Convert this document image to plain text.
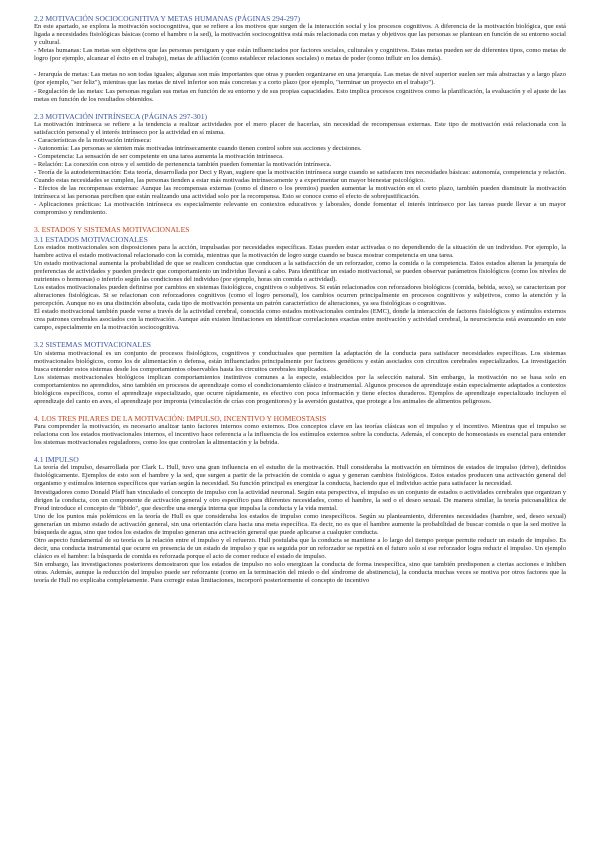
2.2 MOTIVACIÓN SOCIOCOGNITIVA Y METAS HUMANAS (PÁGINAS 294-297)

En este apartado, se explora la motivación sociocognitiva, que se refiere a los motivos que surgen de la interacción social y los procesos cognitivos. A diferencia de la motivación biológica, que está ligada a necesidades fisiológicas básicas (como el hambre o la sed), la motivación sociocognitiva está más relacionada con metas y objetivos que las personas se plantean en función de su entorno social y cultural.

- Metas humanas: Las metas son objetivos que las personas persiguen y que están influenciados por factores sociales, culturales y cognitivos. Estas metas pueden ser de diferentes tipos, como metas de logro (por ejemplo, alcanzar el éxito en el trabajo), metas de afiliación (como establecer relaciones sociales) o metas de poder (como influir en los demás).

- Jerarquía de metas: Las metas no son todas iguales; algunas son más importantes que otras y pueden organizarse en una jerarquía. Las metas de nivel superior suelen ser más abstractas y a largo plazo (por ejemplo, "ser feliz"), mientras que las metas de nivel inferior son más concretas y a corto plazo (por ejemplo, "terminar un proyecto en el trabajo").

- Regulación de las metas: Las personas regulan sus metas en función de su entorno y de sus propias capacidades. Esto implica procesos cognitivos como la planificación, la evaluación y el ajuste de las metas en función de los resultados obtenidos.

2.3 MOTIVACIÓN INTRÍNSECA (PÁGINAS 297-301)

La motivación intrínseca se refiere a la tendencia a realizar actividades por el mero placer de hacerlas, sin necesidad de recompensas externas. Este tipo de motivación está relacionada con la satisfacción personal y el interés intrínseco por la actividad en sí misma.

- Características de la motivación intrínseca:

- Autonomía: Las personas se sienten más motivadas intrínsecamente cuando tienen control sobre sus acciones y decisiones.

- Competencia: La sensación de ser competente en una tarea aumenta la motivación intrínseca.

- Relación: La conexión con otros y el sentido de pertenencia también pueden fomentar la motivación intrínseca.

- Teoría de la autodeterminación: Esta teoría, desarrollada por Deci y Ryan, sugiere que la motivación intrínseca surge cuando se satisfacen tres necesidades básicas: autonomía, competencia y relación. Cuando estas necesidades se cumplen, las personas tienden a estar más motivadas intrínsecamente y a experimentar un mayor bienestar psicológico.

- Efectos de las recompensas externas: Aunque las recompensas externas (como el dinero o los premios) pueden aumentar la motivación en el corto plazo, también pueden disminuir la motivación intrínseca si las personas perciben que están realizando una actividad solo por la recompensa. Esto se conoce como el efecto de sobrejustificación.

- Aplicaciones prácticas: La motivación intrínseca es especialmente relevante en contextos educativos y laborales, donde fomentar el interés intrínseco por las tareas puede llevar a un mayor compromiso y rendimiento.

3. ESTADOS Y SISTEMAS MOTIVACIONALES
3.1 ESTADOS MOTIVACIONALES

Los estados motivacionales son disposiciones para la acción, impulsadas por necesidades específicas. Estas pueden estar activadas o no dependiendo de la situación de un individuo. Por ejemplo, la hambre activa el estado motivacional relacionado con la comida, mientras que la motivación de logro surge cuando se busca mostrar competencia en una tarea.

Un estado motivacional aumenta la probabilidad de que se realicen conductas que conducen a la satisfacción de un reforzador, como la comida o la competencia. Estos estados alteran la jerarquía de preferencias de actividades y pueden predecir que comportamiento un individuo llevará a cabo. Para identificar un estado motivacional, se pueden observar parámetros fisiológicos (como los niveles de nutrientes o hormonas) o inferirlo según las condiciones del individuo (por ejemplo, horas sin comida o actividad).

Los estados motivacionales pueden definirse por cambios en sistemas fisiológicos, cognitivos o subjetivos. Si están relacionados con reforzadores biológicos (comida, bebida, sexo), se caracterizan por alteraciones fisiológicas. Si se relacionan con reforzadores cognitivos (como el logro personal), los cambios ocurren principalmente en procesos cognitivos y subjetivos, como la atención y la percepción. Aunque no es una distinción absoluta, cada tipo de motivación presenta un patrón característico de alteraciones, ya sea fisiológicas o cognitivas.

El estado motivacional también puede verse a través de la actividad cerebral, conocida como estados motivacionales centrales (EMC), donde la interacción de factores fisiológicos y estímulos externos crea patrones cerebrales asociados con la motivación. Aunque aún existen limitaciones en identificar correlaciones exactas entre motivación y actividad cerebral, la neurociencia está avanzando en este campo, especialmente en la motivación sociocognitiva.

3.2 SISTEMAS MOTIVACIONALES

Un sistema motivacional es un conjunto de procesos fisiológicos, cognitivos y conductuales que permiten la adaptación de la conducta para satisfacer necesidades específicas. Los sistemas motivacionales biológicos, como los de alimentación o defensa, están influenciados principalmente por factores genéticos y están asociados con circuitos cerebrales especializados. La investigación busca entender estos sistemas desde los comportamientos observables hasta los circuitos cerebrales implicados.

Los sistemas motivacionales biológicos implican comportamientos instintivos comunes a la especie, establecidos por la selección natural. Sin embargo, la motivación no se basa solo en comportamientos no aprendidos, sino también en procesos de aprendizaje como el condicionamiento clásico e instrumental. Algunos procesos de aprendizaje están especialmente adaptados a contextos biológicos específicos, como el aprendizaje especializado, que ocurre rápidamente, es efectivo con poca información y tiene efectos duraderos. Ejemplos de aprendizaje especializado incluyen el aprendizaje del canto en aves, el aprendizaje por impronta (vinculación de crías con progenitores) y la aversión gustativa, que protege a los animales de alimentos peligrosos.

4. LOS TRES PILARES DE LA MOTIVACIÓN: IMPULSO, INCENTIVO Y HOMEOSTASIS

Para comprender la motivación, es necesario analizar tanto factores internos como externos. Dos conceptos clave en las teorías clásicas son el impulso y el incentivo. Mientras que el impulso se relaciona con los estados motivacionales internos, el incentivo hace referencia a la influencia de los estímulos externos sobre la conducta. Además, el concepto de homeostasis es esencial para entender los sistemas motivacionales reguladores, como los que controlan la alimentación y la bebida.

4.1 IMPULSO

La teoría del impulso, desarrollada por Clark L. Hull, tuvo una gran influencia en el estudio de la motivación. Hull consideraba la motivación en términos de estados de impulso (drive), definidos fisiológicamente. Ejemplos de esto son el hambre y la sed, que surgen a partir de la privación de comida o agua y generan cambios fisiológicos. Estos estados producen una activación general del organismo y estímulos internos específicos que varían según la necesidad. Su función principal es energizar la conducta, haciendo que el individuo actúe para satisfacer la necesidad.

Investigadores como Donald Pfaff han vinculado el concepto de impulso con la actividad neuronal. Según esta perspectiva, el impulso es un conjunto de estados o actividades cerebrales que organizan y dirigen la conducta, con un componente de activación general y otro específico para diferentes necesidades, como el hambre, la sed o el deseo sexual. De manera similar, la teoría psicoanalítica de Freud introduce el concepto de "libido", que describe una energía interna que impulsa la conducta y la vida mental.

Uno de los puntos más polémicos en la teoría de Hull es que consideraba los estados de impulso como inespecíficos. Según su planteamiento, diferentes necesidades (hambre, sed, deseo sexual) generarían un mismo estado de activación general, sin una orientación clara hacia una meta específica. Es decir, no es que el hambre aumente la probabilidad de buscar comida o que la sed motive la búsqueda de agua, sino que todos los estados de impulso generan una activación general que puede aplicarse a cualquier conducta.

Otro aspecto fundamental de su teoría es la relación entre el impulso y el refuerzo. Hull postulaba que la conducta se mantiene a lo largo del tiempo porque permite reducir un estado de impulso. Es decir, una conducta instrumental que ocurre en presencia de un estado de impulso y que es seguida por un reforzador se repetirá en el futuro solo si ese reforzador logra reducir el impulso. Un ejemplo clásico es el hambre: la búsqueda de comida es reforzada porque el acto de comer reduce el estado de impulso.

Sin embargo, las investigaciones posteriores demostraron que los estados de impulso no solo energizan la conducta de forma inespecífica, sino que también predisponen a ciertas acciones e inhiben otras. Además, aunque la reducción del impulso puede ser reforzante (como en la terminación del miedo o del síndrome de abstinencia), la conducta muchas veces se motiva por otros factores que la teoría de Hull no explicaba completamente. Para corregir estas limitaciones, incorporó posteriormente el concepto de incentivo
